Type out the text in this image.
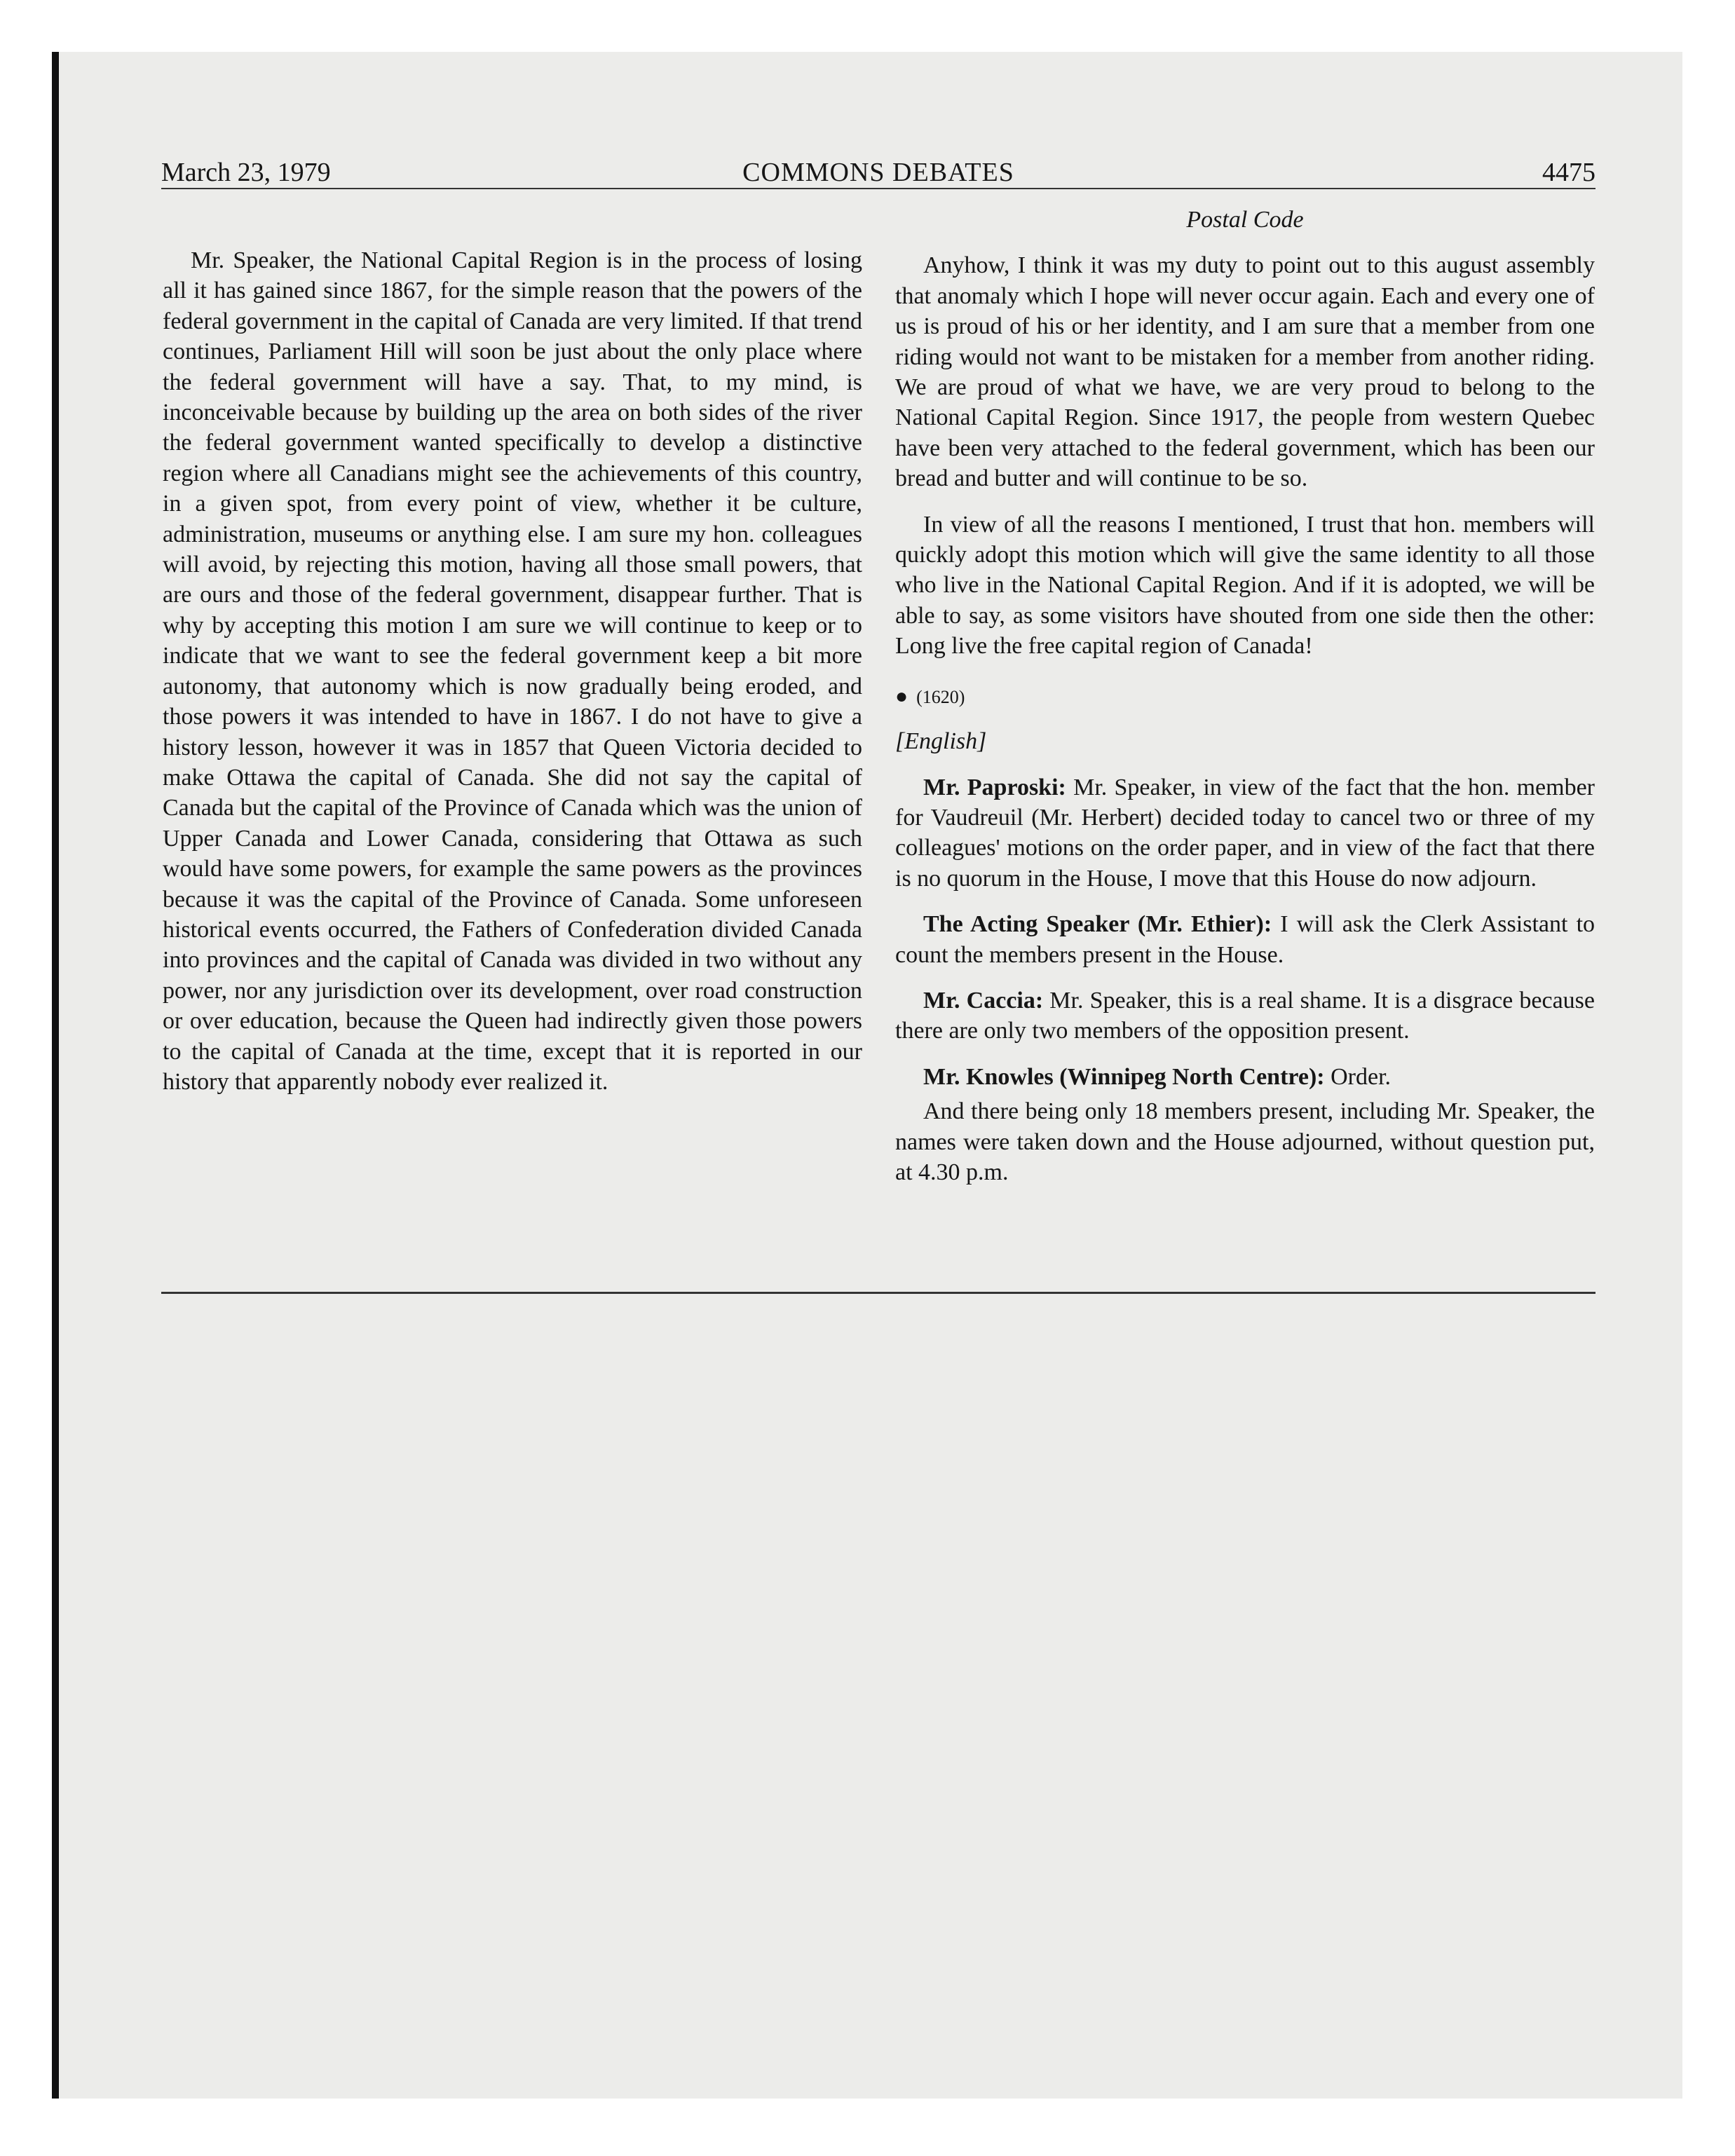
March 23, 1979	COMMONS DEBATES	4475

Mr. Speaker, the National Capital Region is in the process of losing all it has gained since 1867, for the simple reason that the powers of the federal government in the capital of Canada are very limited. If that trend continues, Parliament Hill will soon be just about the only place where the federal government will have a say. That, to my mind, is inconceivable because by building up the area on both sides of the river the federal government wanted specifically to develop a distinctive region where all Canadians might see the achievements of this country, in a given spot, from every point of view, whether it be culture, administration, museums or anything else. I am sure my hon. colleagues will avoid, by rejecting this motion, having all those small powers, that are ours and those of the federal government, disappear further. That is why by accepting this motion I am sure we will continue to keep or to indicate that we want to see the federal government keep a bit more autonomy, that autonomy which is now gradually being eroded, and those powers it was intended to have in 1867. I do not have to give a history lesson, however it was in 1857 that Queen Victoria decided to make Ottawa the capital of Canada. She did not say the capital of Canada but the capital of the Province of Canada which was the union of Upper Canada and Lower Canada, considering that Ottawa as such would have some powers, for example the same powers as the provinces because it was the capital of the Province of Canada. Some unforeseen historical events occurred, the Fathers of Confederation divided Canada into provinces and the capital of Canada was divided in two without any power, nor any jurisdiction over its development, over road construction or over education, because the Queen had indirectly given those powers to the capital of Canada at the time, except that it is reported in our history that apparently nobody ever realized it.

Postal Code

Anyhow, I think it was my duty to point out to this august assembly that anomaly which I hope will never occur again. Each and every one of us is proud of his or her identity, and I am sure that a member from one riding would not want to be mistaken for a member from another riding. We are proud of what we have, we are very proud to belong to the National Capital Region. Since 1917, the people from western Quebec have been very attached to the federal government, which has been our bread and butter and will continue to be so.

In view of all the reasons I mentioned, I trust that hon. members will quickly adopt this motion which will give the same identity to all those who live in the National Capital Region. And if it is adopted, we will be able to say, as some visitors have shouted from one side then the other: Long live the free capital region of Canada!

● (1620)

[English]

Mr. Paproski: Mr. Speaker, in view of the fact that the hon. member for Vaudreuil (Mr. Herbert) decided today to cancel two or three of my colleagues' motions on the order paper, and in view of the fact that there is no quorum in the House, I move that this House do now adjourn.

The Acting Speaker (Mr. Ethier): I will ask the Clerk Assistant to count the members present in the House.

Mr. Caccia: Mr. Speaker, this is a real shame. It is a disgrace because there are only two members of the opposition present.

Mr. Knowles (Winnipeg North Centre): Order.

And there being only 18 members present, including Mr. Speaker, the names were taken down and the House adjourned, without question put, at 4.30 p.m.
